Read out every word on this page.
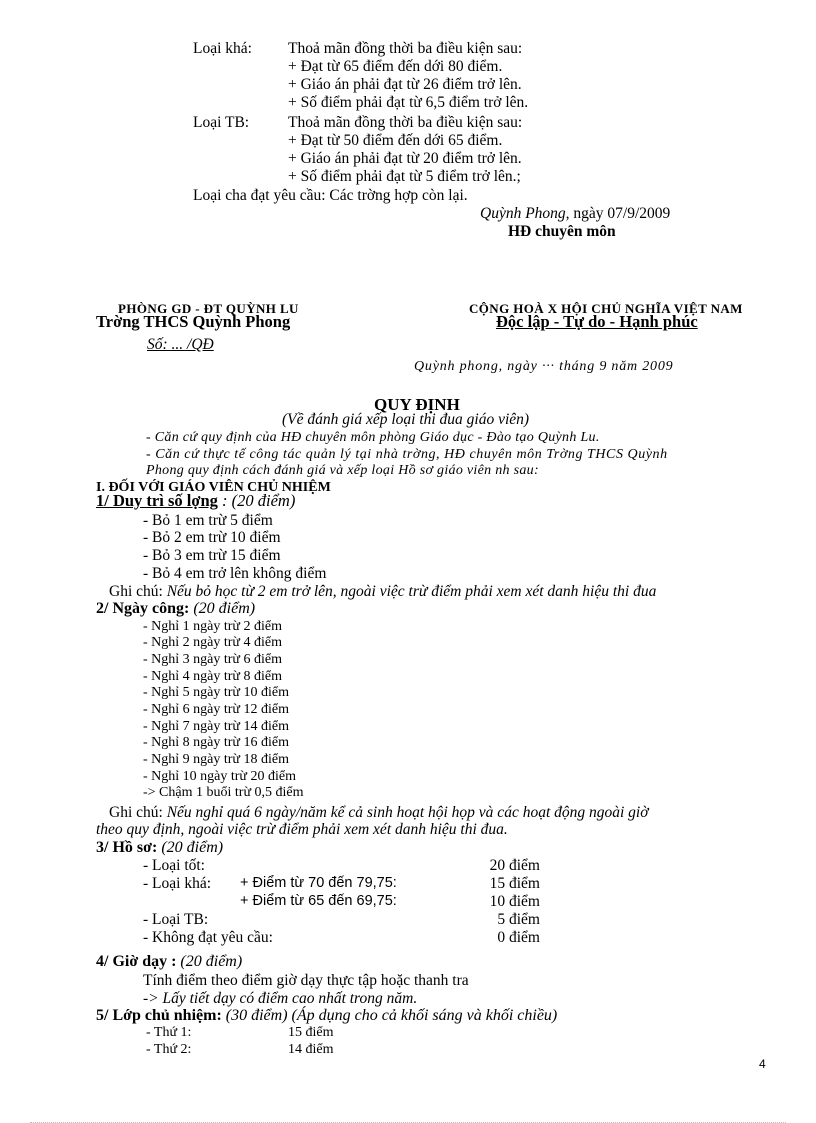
Loại khá: Thoả mãn đồng thời ba điều kiện sau:
+ Đạt từ 65 điểm đến dới 80 điểm.
+ Giáo án phải đạt từ 26 điểm trở lên.
+ Số điểm phải đạt từ 6,5 điểm trở lên.
Loại TB:	Thoả mãn đồng thời ba điều kiện sau:
+ Đạt từ 50 điểm đến dới 65 điểm.
+ Giáo án phải đạt từ 20 điểm trở lên.
+ Số điểm phải đạt từ 5 điểm trở lên.;
Loại cha đạt yêu cầu: Các trờng hợp còn lại.
Quỳnh Phong, ngày 07/9/2009
HĐ chuyên môn
PHÒNG GD - ĐT QUỲNH LU
Trờng THCS Quỳnh Phong
Số: ... /QĐ
CỘNG HOÀ X HỘI CHỦ NGHĨA VIỆT NAM
Độc lập - Tự do - Hạnh phúc
Quỳnh phong, ngày ··· tháng 9 năm 2009
QUY ĐỊNH
(Về đánh giá xếp loại thi đua giáo viên)
- Căn cứ quy định của HĐ chuyên môn phòng Giáo dục - Đào tạo Quỳnh Lu.
- Căn cứ thực tế công tác quản lý tại nhà trờng, HĐ chuyên môn Trờng THCS Quỳnh
Phong quy định cách đánh giá và xếp loại Hồ sơ giáo viên nh sau:
I. ĐỐI VỚI GIÁO VIÊN CHỦ NHIỆM
1/ Duy trì số lợng : (20 điểm)
- Bỏ 1 em trừ 5 điểm
- Bỏ 2 em trừ 10 điểm
- Bỏ 3 em trừ 15 điểm
- Bỏ 4 em trở lên không điểm
Ghi chú: Nếu bỏ học từ 2 em trở lên, ngoài việc trừ điểm phải xem xét danh hiệu thi đua
2/ Ngày công: (20 điểm)
- Nghỉ 1 ngày trừ 2 điểm
- Nghỉ 2 ngày trừ 4 điểm
- Nghỉ 3 ngày trừ 6 điểm
- Nghỉ 4 ngày trừ 8 điểm
- Nghỉ 5 ngày trừ 10 điểm
- Nghỉ 6 ngày trừ 12 điểm
- Nghỉ 7 ngày trừ 14 điểm
- Nghỉ 8 ngày trừ 16 điểm
- Nghỉ 9 ngày trừ 18 điểm
- Nghỉ 10 ngày trừ 20 điểm
-> Chậm 1 buổi trừ 0,5 điểm
Ghi chú: Nếu nghỉ quá 6 ngày/năm kể cả sinh hoạt hội họp và các hoạt động ngoài giờ
theo quy định, ngoài việc trừ điểm phải xem xét danh hiệu thi đua.
3/ Hồ sơ: (20 điểm)
- Loại tốt:	20 điểm
- Loại khá: + Điểm từ 70 đến 79,75:	15 điểm
+ Điểm từ 65 đến 69,75:	10 điểm
- Loại TB:	5 điểm
- Không đạt yêu cầu:	0 điểm
4/ Giờ dạy : (20 điểm)
Tính điểm theo điểm giờ dạy thực tập hoặc thanh tra
-> Lấy tiết dạy có điểm cao nhất trong năm.
5/ Lớp chủ nhiệm: (30 điểm) (Áp dụng cho cả khối sáng và khối chiều)
- Thứ 1:	15 điểm
- Thứ 2:	14 điểm
4
